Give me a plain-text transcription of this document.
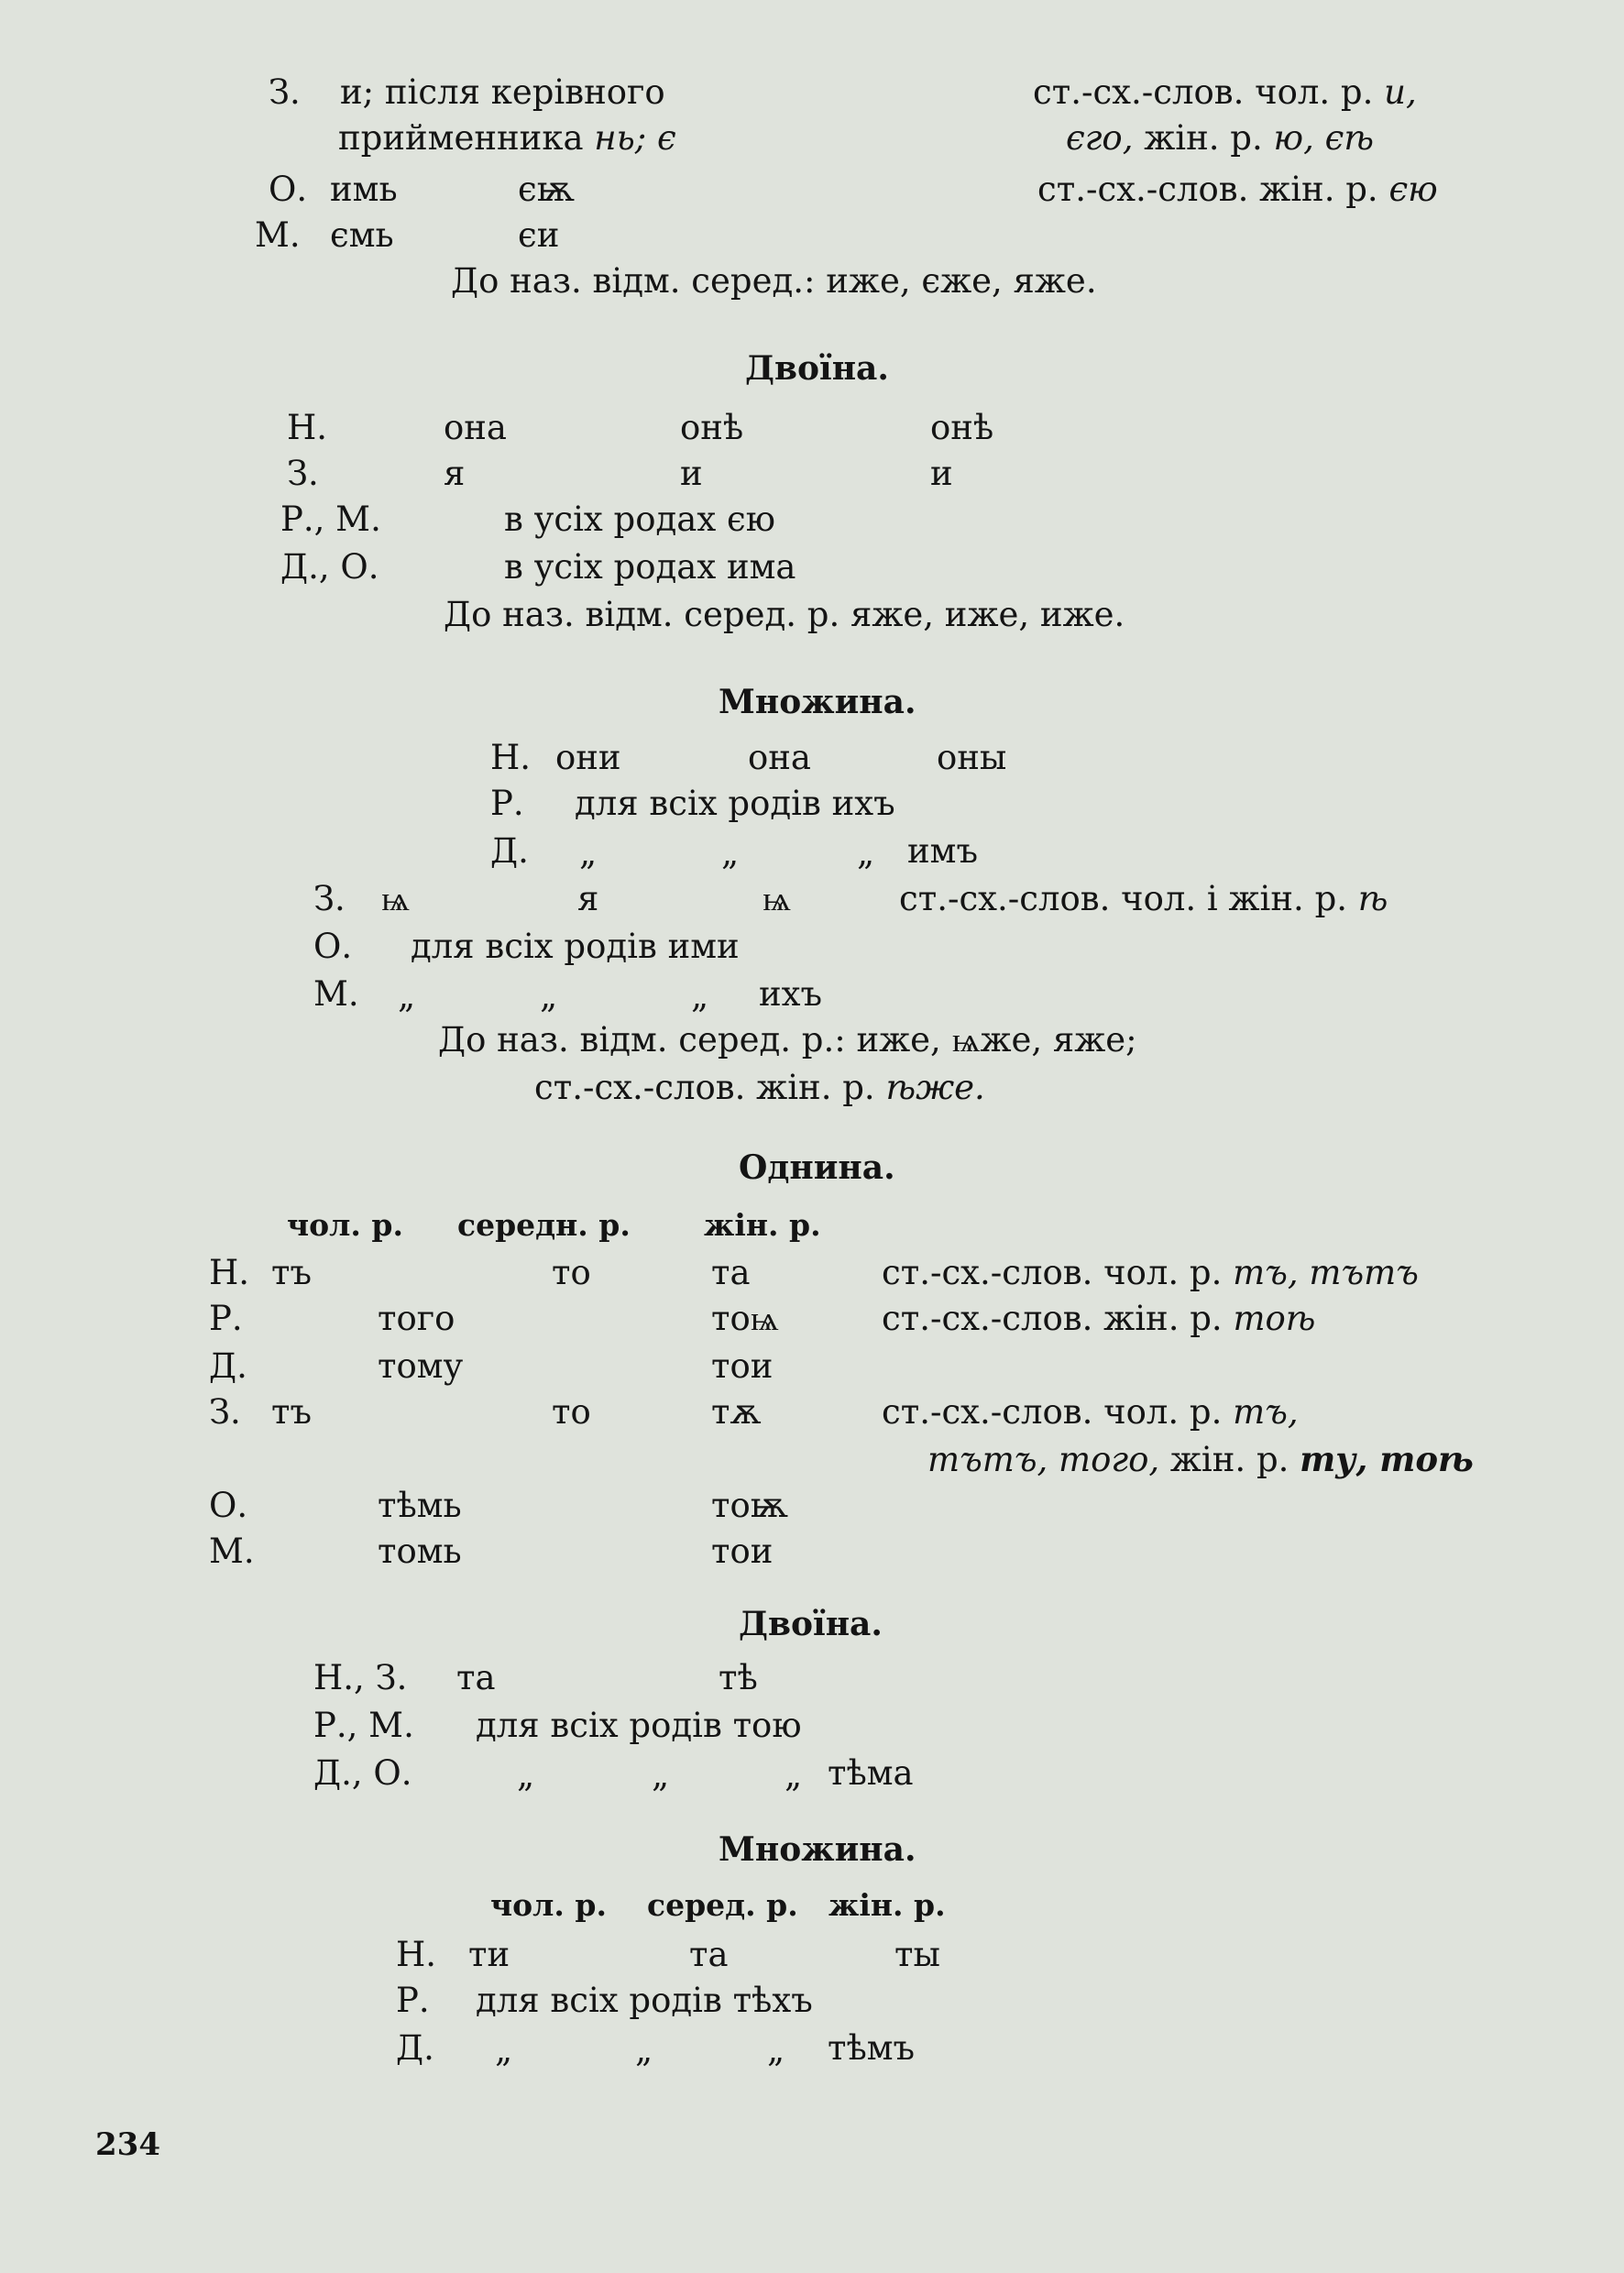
З. и; після керівного	ст.-сх.-слов. чол. р. и,
прийменника нь; є	єго, жін. р. ю, єѣ
О. имь	єѭ	ст.-сх.-слов. жін. р. єю
М. ємь	єи
До наз. відм. серед.: иже, єже, яже.
Двоїна.
Н.	она	онѣ	онѣ
З.	я	и	и
Р., М.	в усіх родах єю
Д., О.	в усіх родах има
До наз. відм. серед. р. яже, иже, иже.
Множина.
Н. они	она	оны
Р. для всіх родів ихъ
Д. „	„	„ имъ
З. ѩ	я	ѩ	ст.-сх.-слов. чол. і жін. р. ѣ
О. для всіх родів ими
М. „	„	„ ихъ
До наз. відм. серед. р.: иже, ѩже, яже;
ст.-сх.-слов. жін. р. ѣже.
Однина.
чол. р. середн. р. жін. р.
Н. тъ	то	та	ст.-сх.-слов. чол. р. тъ, тътъ
Р.	того	тоѩ	ст.-сх.-слов. жін. р. тоѣ
Д.	тому	тои
З. тъ	то	тѫ	ст.-сх.-слов. чол. р. тъ,
тътъ, того, жін. р. ту, тоѣ
О.	тѣмь	тоѭ
М.	томь	тои
Двоїна.
Н., З. та	тѣ
Р., М. для всіх родів тою
Д., О.	„	„	„ тѣма
Множина.
чол. р. серед. р. жін. р.
Н. ти	та	ты
Р. для всіх родів тѣхъ
Д. „	„	„ тѣмъ
234
